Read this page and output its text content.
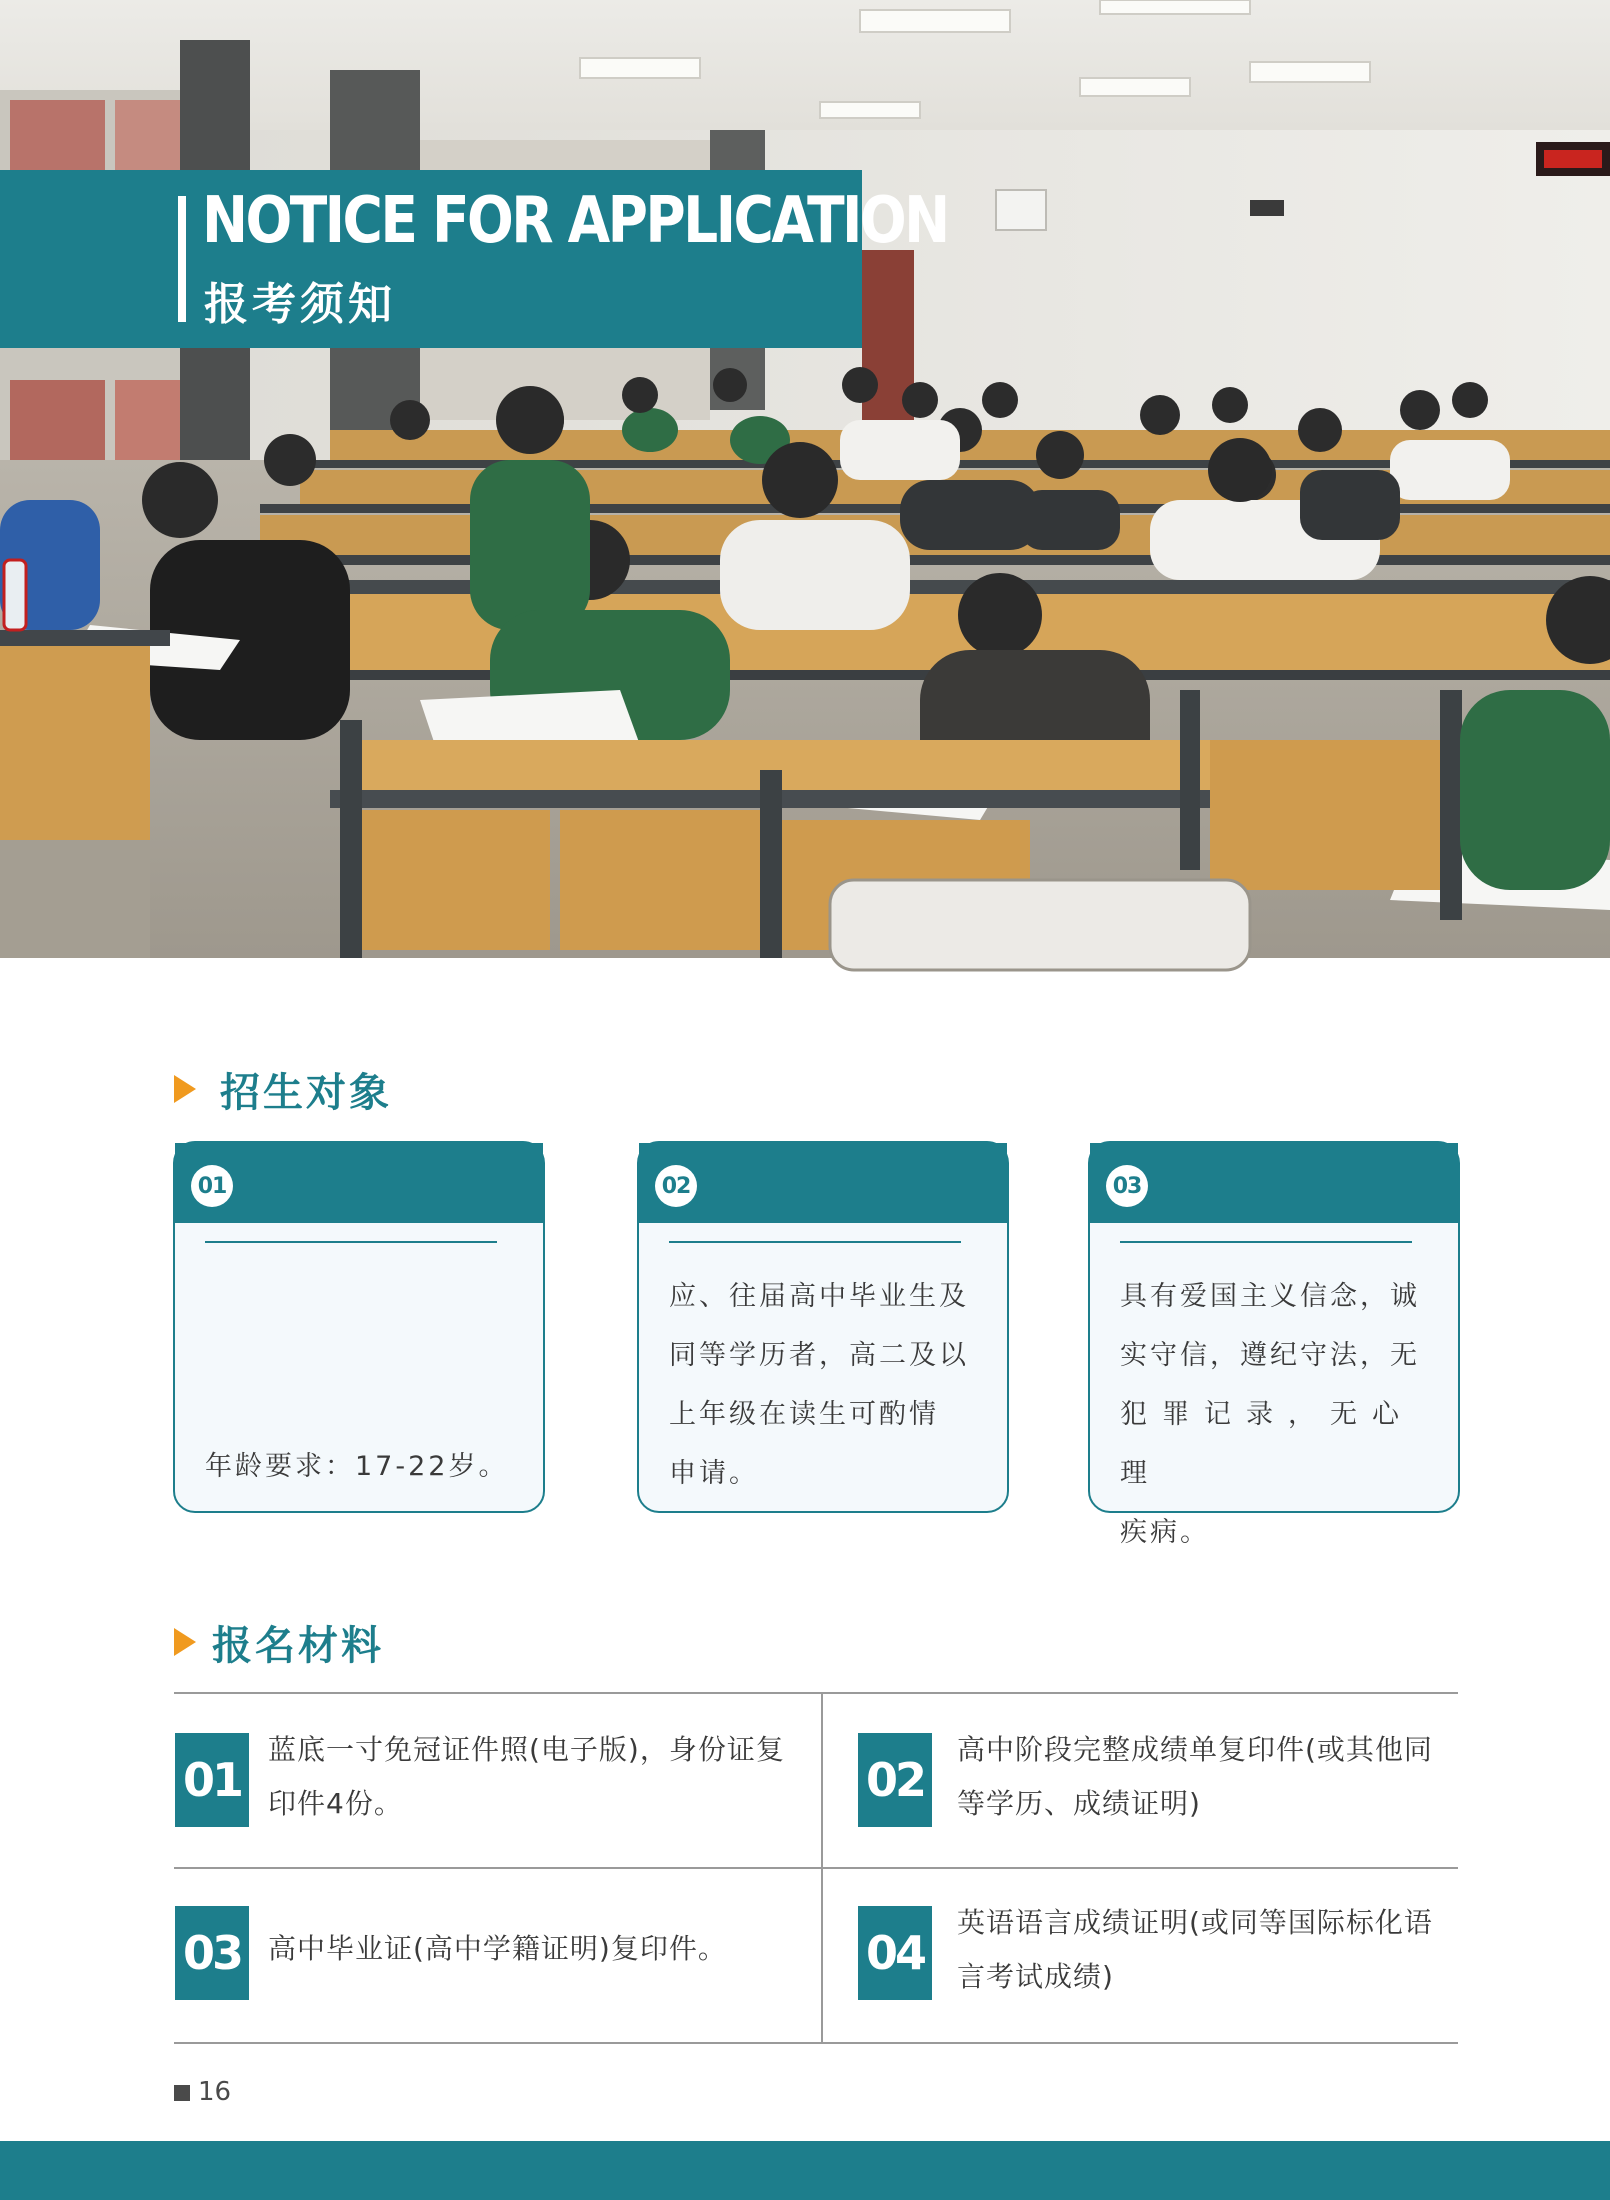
NOTICE FOR APPLICATION
报考须知
招生对象
01
年龄要求：17-22岁。
02
应、往届高中毕业生及
同等学历者，高二及以
上年级在读生可酌情
申请。
03
具有爱国主义信念，诚
实守信，遵纪守法，无
犯罪记录，无心理
疾病。
报名材料
01
蓝底一寸免冠证件照(电子版)，身份证复
印件4份。	02
高中阶段完整成绩单复印件(或其他同
等学历、成绩证明)
03 高中毕业证(高中学籍证明)复印件。	04
英语语言成绩证明(或同等国际标化语
言考试成绩)
16
